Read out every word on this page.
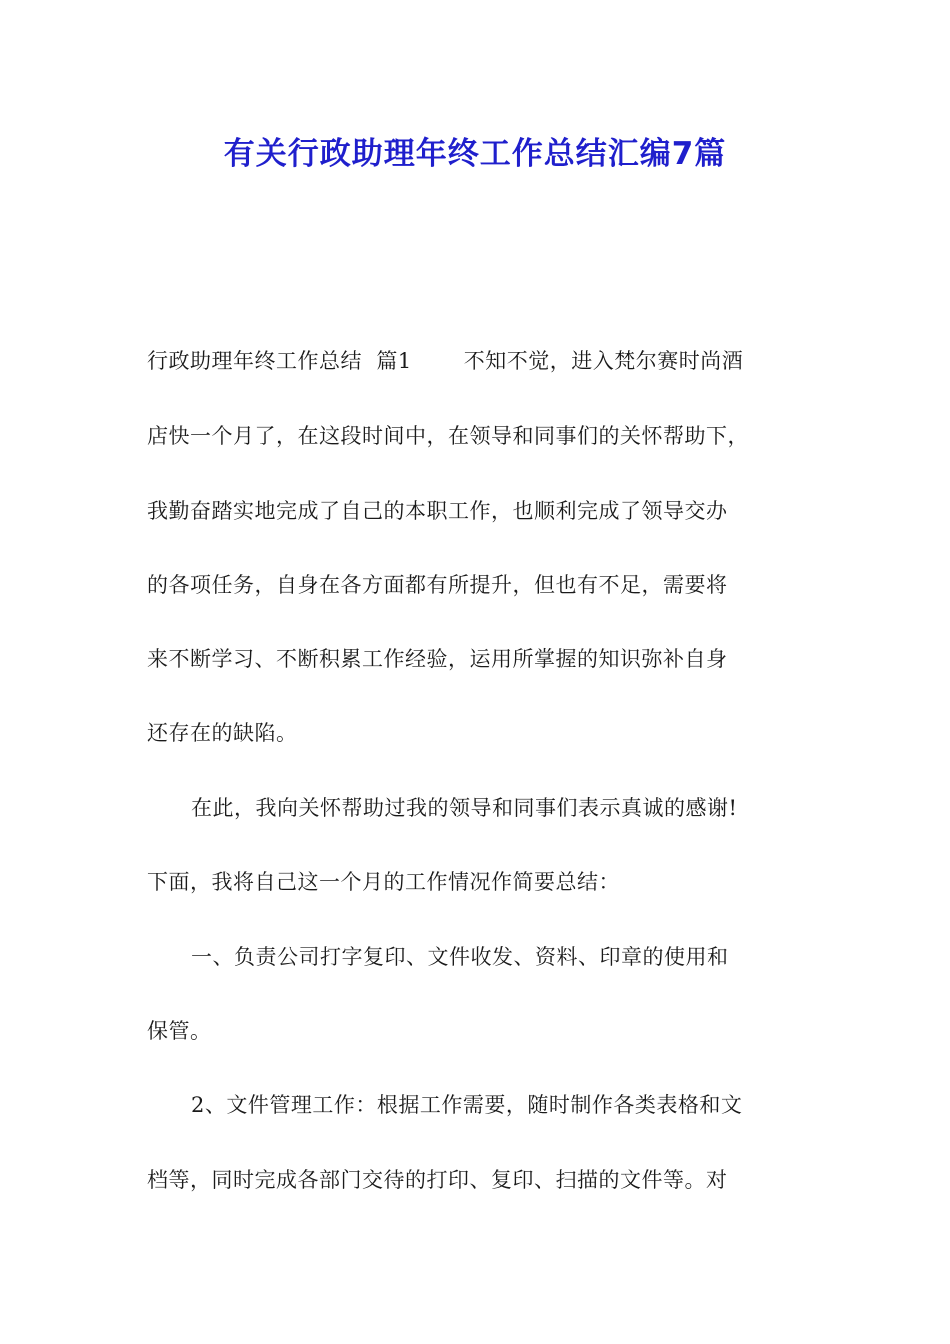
有关行政助理年终工作总结汇编7篇
行政助理年终工作总结  篇1 不知不觉，进入梵尔赛时尚酒
店快一个月了，在这段时间中，在领导和同事们的关怀帮助下，
我勤奋踏实地完成了自己的本职工作，也顺利完成了领导交办
的各项任务，自身在各方面都有所提升，但也有不足，需要将
来不断学习、不断积累工作经验，运用所掌握的知识弥补自身
还存在的缺陷。
在此，我向关怀帮助过我的领导和同事们表示真诚的感谢!
下面，我将自己这一个月的工作情况作简要总结：
一、负责公司打字复印、文件收发、资料、印章的使用和
保管。
2、文件管理工作：根据工作需要，随时制作各类表格和文
档等，同时完成各部门交待的打印、复印、扫描的文件等。对
